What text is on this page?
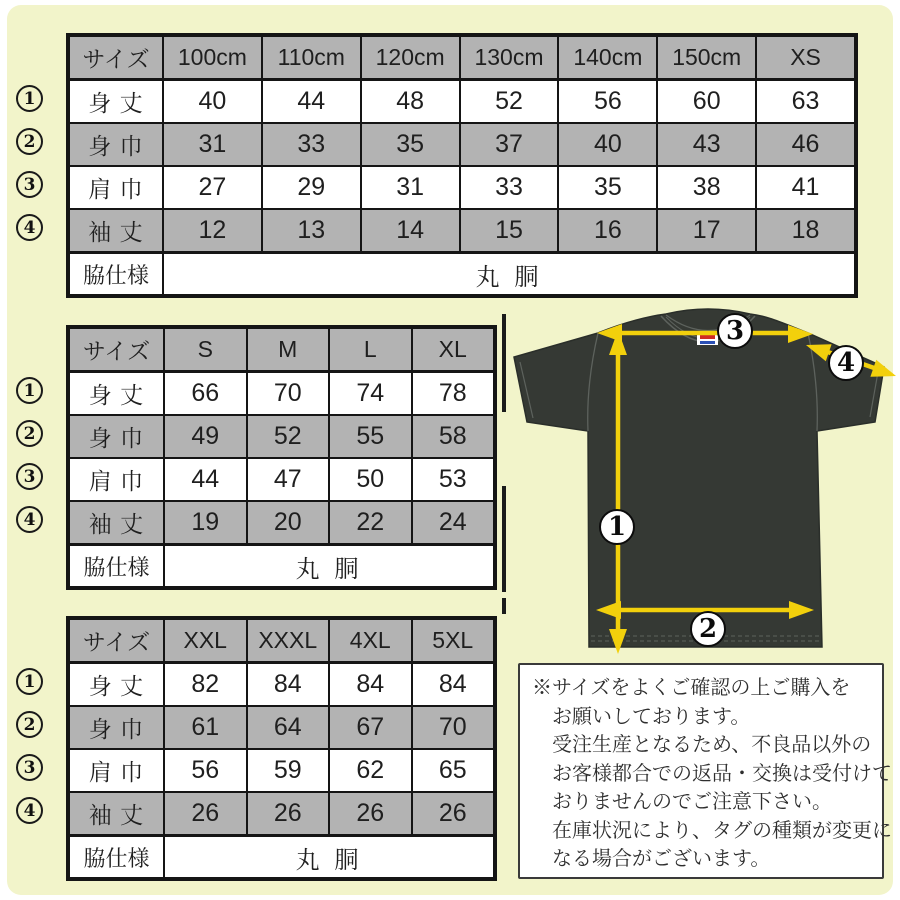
サイズ	100cm	110cm	120cm	130cm	140cm	150cm	XS
身 丈	40	44	48	52	56	60	63
身 巾	31	33	35	37	40	43	46
肩 巾	27	29	31	33	35	38	41
袖 丈	12	13	14	15	16	17	18
脇仕様	丸 胴
サイズ	S	M	L	XL
身 丈	66	70	74	78
身 巾	49	52	55	58
肩 巾	44	47	50	53
袖 丈	19	20	22	24
脇仕様	丸 胴
サイズ	XXL	XXXL	4XL	5XL
身 丈	82	84	84	84
身 巾	61	64	67	70
肩 巾	56	59	62	65
袖 丈	26	26	26	26
脇仕様	丸 胴
1
2
3
4
1
2
3
4
1
2
3
4
1
2
3
4
※サイズをよくご確認の上ご購入を
お願いしております。
受注生産となるため、不良品以外の
お客様都合での返品・交換は受付けて
おりませんのでご注意下さい。
在庫状況により、タグの種類が変更に
なる場合がございます。
